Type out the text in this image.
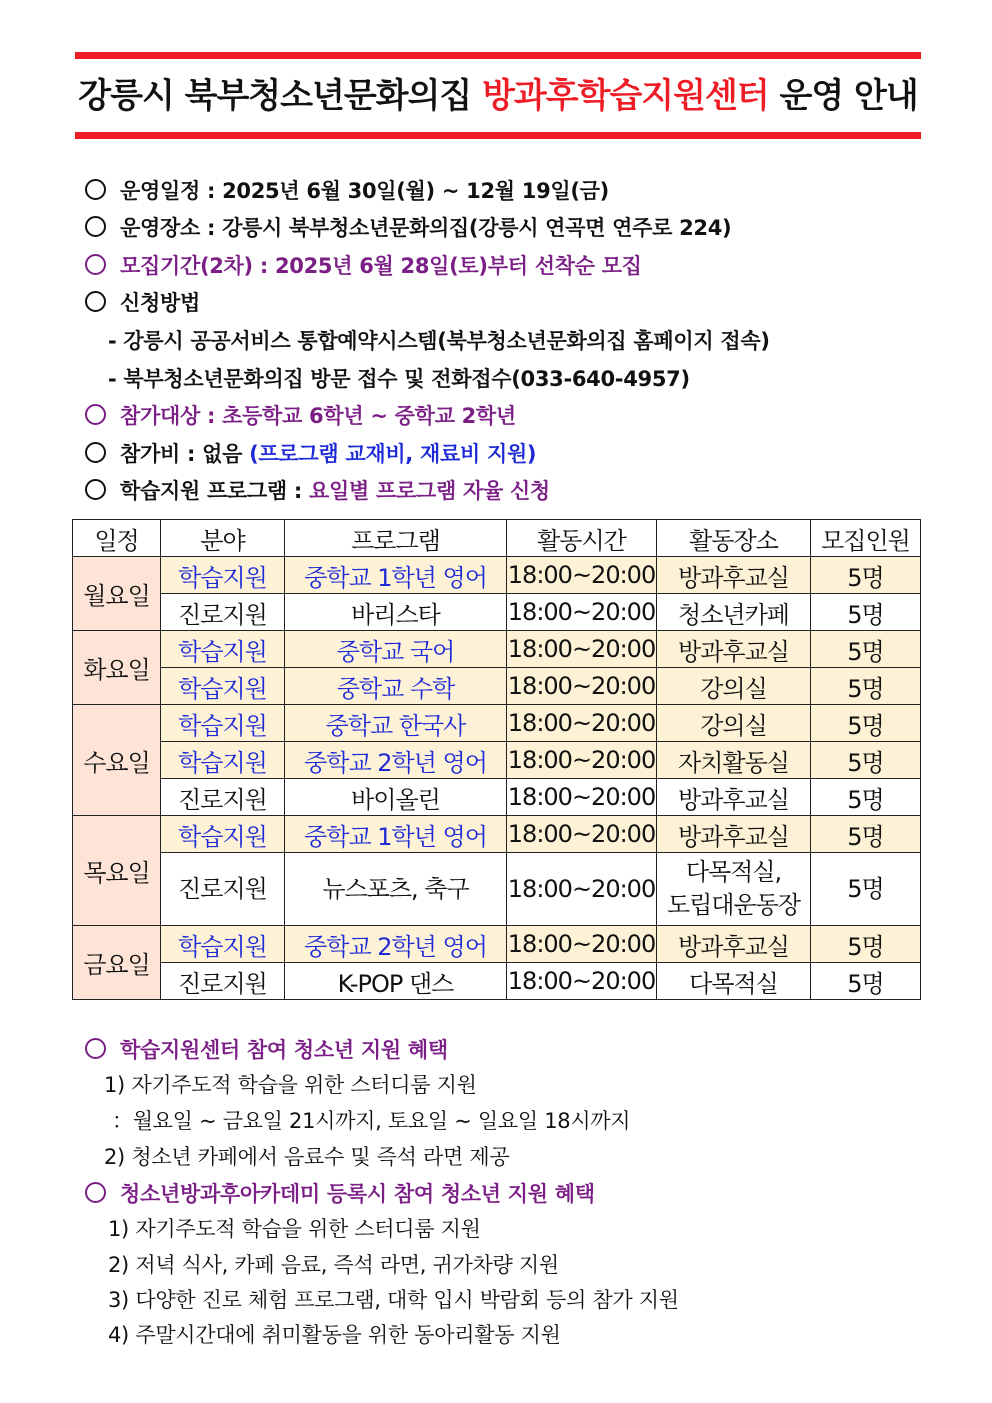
강릉시 북부청소년문화의집 방과후학습지원센터 운영 안내
운영일정 : 2025년 6월 30일(월) ~ 12월 19일(금)
운영장소 : 강릉시 북부청소년문화의집(강릉시 연곡면 연주로 224)
모집기간(2차) : 2025년 6월 28일(토)부터 선착순 모집
신청방법
- 강릉시 공공서비스 통합예약시스템(북부청소년문화의집 홈페이지 접속)
- 북부청소년문화의집 방문 접수 및 전화접수(033-640-4957)
참가대상 : 초등학교 6학년 ~ 중학교 2학년
참가비 : 없음 (프로그램 교재비, 재료비 지원)
학습지원 프로그램 : 요일별 프로그램 자율 신청
일정	분야	프로그램	활동시간	활동장소	모집인원
월요일	학습지원	중학교 1학년 영어	18:00~20:00	방과후교실	5명
	진로지원	바리스타	18:00~20:00	청소년카페	5명
화요일	학습지원	중학교 국어	18:00~20:00	방과후교실	5명
	학습지원	중학교 수학	18:00~20:00	강의실	5명
수요일	학습지원	중학교 한국사	18:00~20:00	강의실	5명
	학습지원	중학교 2학년 영어	18:00~20:00	자치활동실	5명
	진로지원	바이올린	18:00~20:00	방과후교실	5명
목요일	학습지원	중학교 1학년 영어	18:00~20:00	방과후교실	5명
	진로지원	뉴스포츠, 축구	18:00~20:00	다목적실,
도립대운동장	5명
금요일	학습지원	중학교 2학년 영어	18:00~20:00	방과후교실	5명
	진로지원	K-POP 댄스	18:00~20:00	다목적실	5명
학습지원센터 참여 청소년 지원 혜택
1) 자기주도적 학습을 위한 스터디룸 지원
：월요일 ~ 금요일 21시까지, 토요일 ~ 일요일 18시까지
2) 청소년 카페에서 음료수 및 즉석 라면 제공
청소년방과후아카데미 등록시 참여 청소년 지원 혜택
1) 자기주도적 학습을 위한 스터디룸 지원
2) 저녁 식사, 카페 음료, 즉석 라면, 귀가차량 지원
3) 다양한 진로 체험 프로그램, 대학 입시 박람회 등의 참가 지원
4) 주말시간대에 취미활동을 위한 동아리활동 지원
